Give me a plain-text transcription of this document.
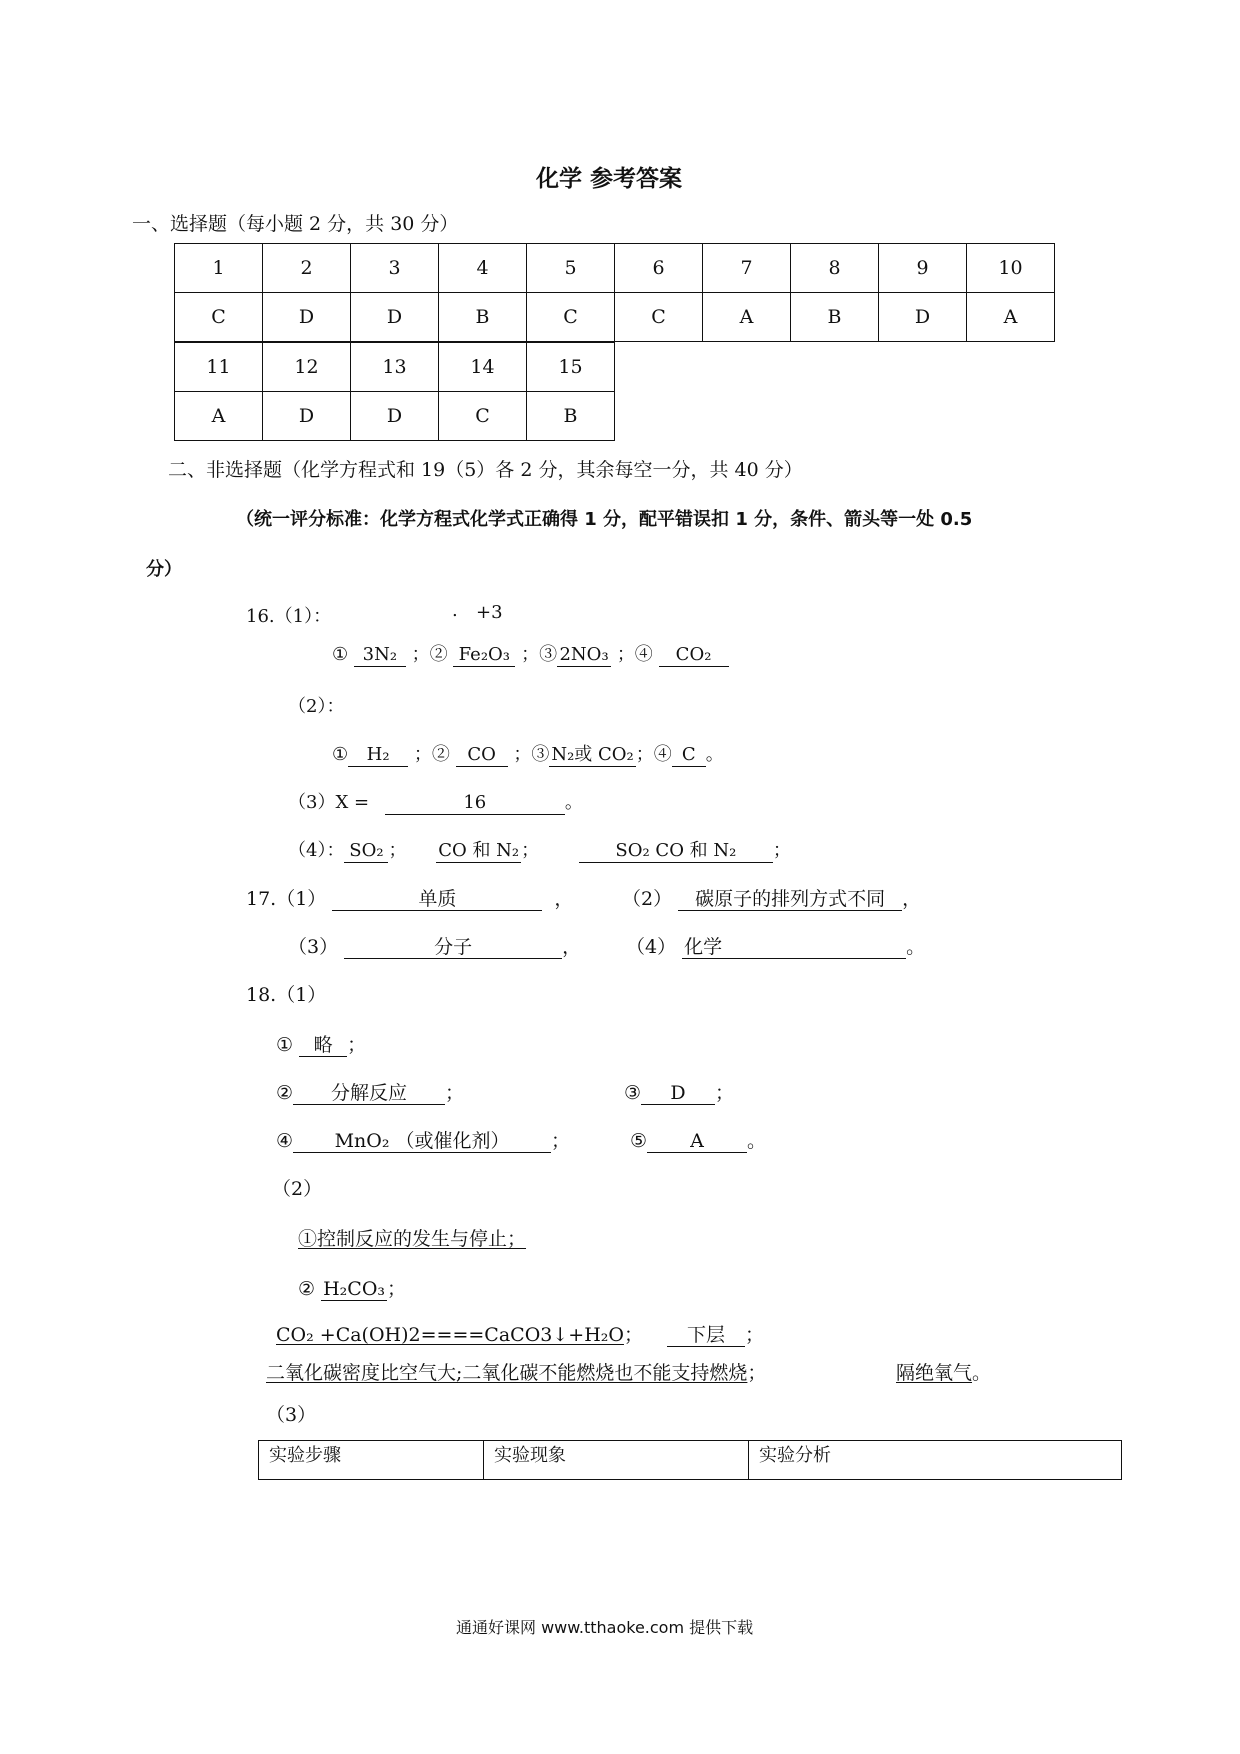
化学 参考答案
一、选择题（每小题 2 分，共 30 分）
1	2	3	4	5	6	7	8	9	10
C	D	D	B	C	C	A	B	D	A
11	12	13	14	15
A	D	D	C	B
二、非选择题（化学方程式和 19（5）各 2 分，其余每空一分，共 40 分）
（统一评分标准：化学方程式化学式正确得 1 分，配平错误扣 1 分，条件、箭头等一处 0.5
分）
16.（1）：	. +3
① 3N₂ ；② Fe₂O₃ ；③ 2NO₃ ；④ CO₂
（2）：
① H₂ ；② CO ；③ N₂或 CO₂ ；④ C 。
（3）X =	16	。
（4）： SO₂ ； CO 和 N₂ ；	SO₂ CO 和 N₂ ；
17.（1）	单质	，	（2） 碳原子的排列方式不同 ，
（3）	分子	， （4） 化学	。
18.（1）
① 略 ；
② 分解反应 ；	③ D ；
④ MnO₂ （或催化剂） ；	⑤ A 。
（2）
①控制反应的发生与停止；
② H₂CO₃ ；
CO₂ +Ca(OH)2====CaCO3↓+H₂O； 下层 ；
二氧化碳密度比空气大;二氧化碳不能燃烧也不能支持燃烧；	隔绝氧气。
（3）
实验步骤	实验现象	实验分析
通通好课网 www.tthaoke.com 提供下载
